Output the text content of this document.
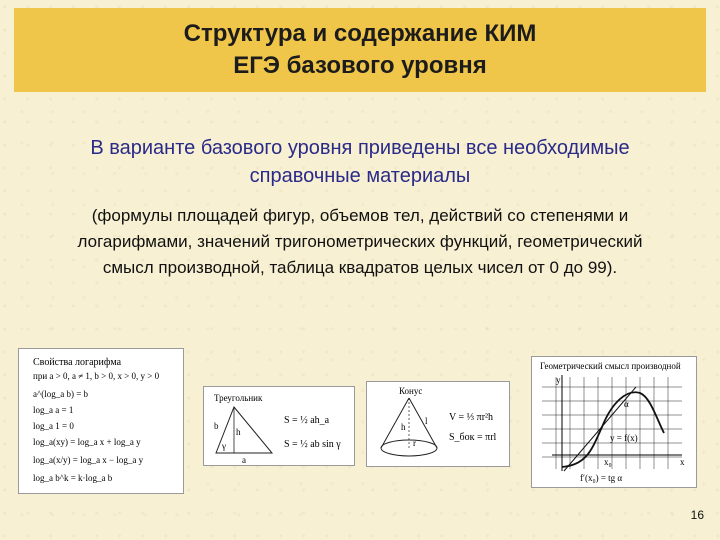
Структура и содержание КИМ
ЕГЭ базового уровня
В варианте базового уровня приведены все необходимые
справочные материалы
(формулы площадей фигур, объемов тел, действий со степенями и
логарифмами, значений тригонометрических функций, геометрический
смысл производной, таблица квадратов целых чисел от 0 до 99).
Свойства логарифма
при a > 0, a ≠ 1, b > 0, x > 0, y > 0
a^(log_a b) = b
log_a a = 1
log_a 1 = 0
log_a(xy) = log_a x + log_a y
log_a(x/y) = log_a x − log_a y
log_a b^k = k·log_a b
Треугольник
h
b
γ
a
S = ½ ah_a
S = ½ ab sin γ
Конус
h
l
r
V = ⅓ πr²h
S_бок = πrl
Геометрический смысл производной
y
x
y = f(x)
α
x₀
f′(x₀) = tg α
16
